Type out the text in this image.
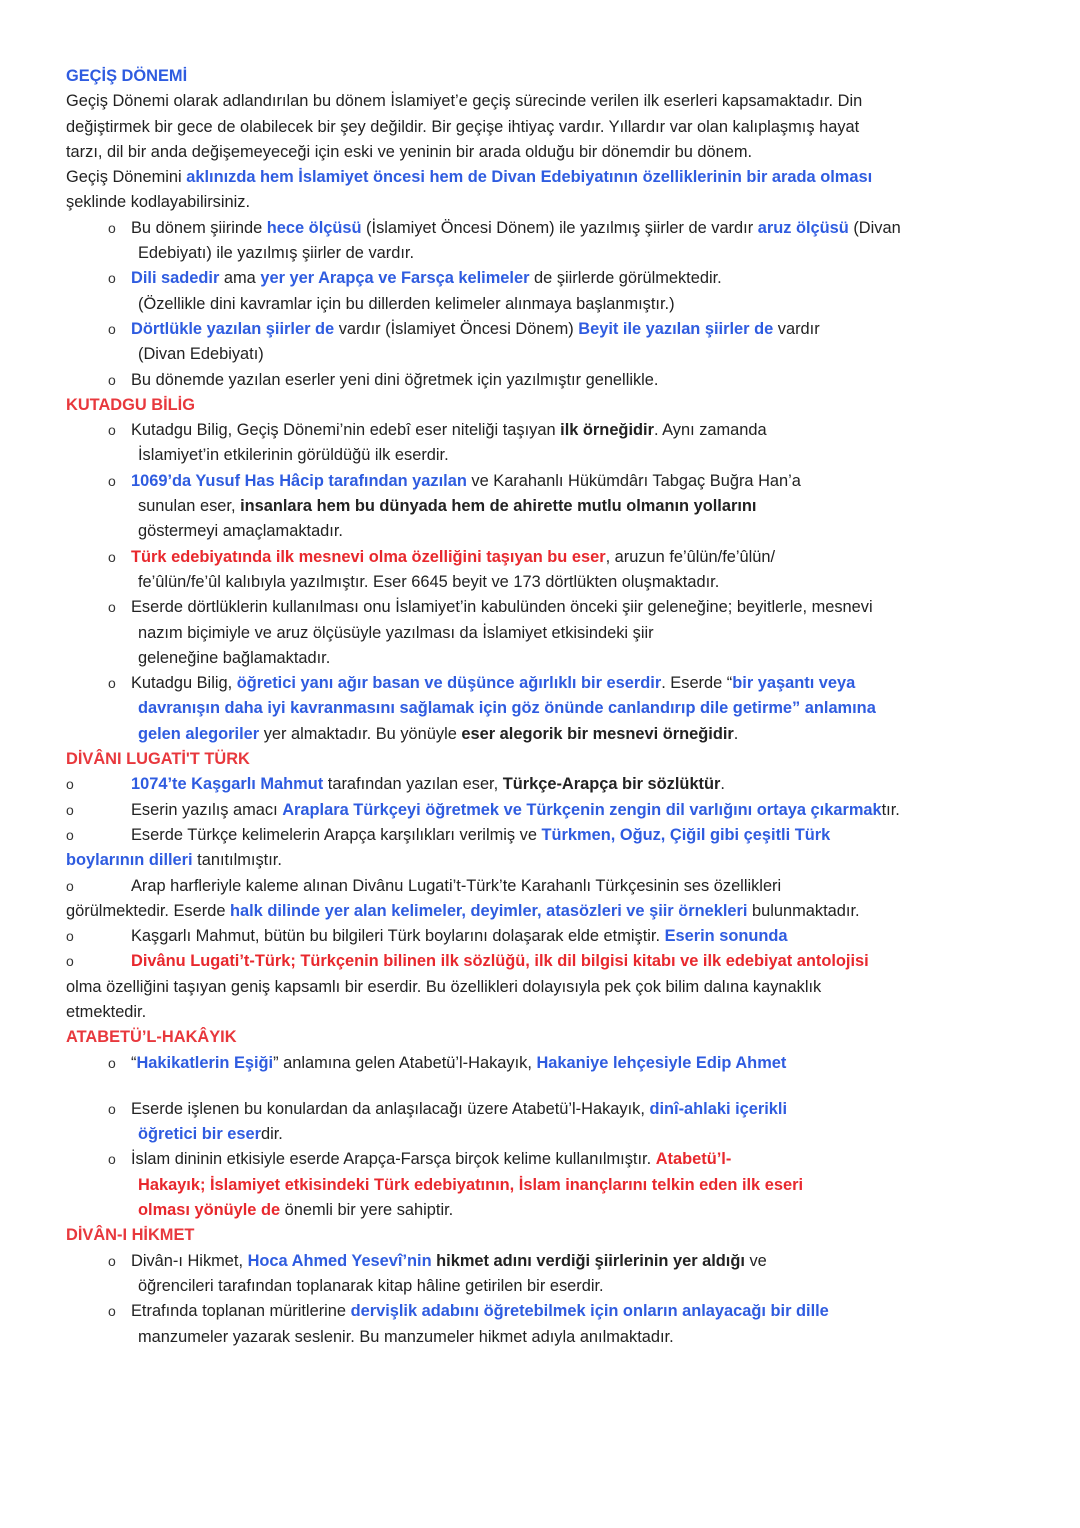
GEÇİŞ DÖNEMİ
Geçiş Dönemi olarak adlandırılan bu dönem İslamiyet’e geçiş sürecinde verilen ilk eserleri kapsamaktadır. Din
değiştirmek bir gece de olabilecek bir şey değildir. Bir geçişe ihtiyaç vardır. Yıllardır var olan kalıplaşmış hayat
tarzı, dil bir anda değişemeyeceği için eski ve yeninin bir arada olduğu bir dönemdir bu dönem.
Geçiş Dönemini aklınızda hem İslamiyet öncesi hem de Divan Edebiyatının özelliklerinin bir arada olması
şeklinde kodlayabilirsiniz.
o Bu dönem şiirinde hece ölçüsü (İslamiyet Öncesi Dönem) ile yazılmış şiirler de vardır aruz ölçüsü (Divan
Edebiyatı) ile yazılmış şiirler de vardır.
o Dili sadedir ama yer yer Arapça ve Farsça kelimeler de şiirlerde görülmektedir.
(Özellikle dini kavramlar için bu dillerden kelimeler alınmaya başlanmıştır.)
o Dörtlükle yazılan şiirler de vardır (İslamiyet Öncesi Dönem) Beyit ile yazılan şiirler de vardır
(Divan Edebiyatı)
o Bu dönemde yazılan eserler yeni dini öğretmek için yazılmıştır genellikle.
KUTADGU BİLİG
o Kutadgu Bilig, Geçiş Dönemi’nin edebî eser niteliği taşıyan ilk örneğidir. Aynı zamanda
İslamiyet’in etkilerinin görüldüğü ilk eserdir.
o 1069’da Yusuf Has Hâcip tarafından yazılan ve Karahanlı Hükümdârı Tabgaç Buğra Han’a
sunulan eser, insanlara hem bu dünyada hem de ahirette mutlu olmanın yollarını
göstermeyi amaçlamaktadır.
o Türk edebiyatında ilk mesnevi olma özelliğini taşıyan bu eser, aruzun fe’ûlün/fe’ûlün/
fe’ûlün/fe’ûl kalıbıyla yazılmıştır. Eser 6645 beyit ve 173 dörtlükten oluşmaktadır.
o Eserde dörtlüklerin kullanılması onu İslamiyet’in kabulünden önceki şiir geleneğine; beyitlerle, mesnevi
nazım biçimiyle ve aruz ölçüsüyle yazılması da İslamiyet etkisindeki şiir
geleneğine bağlamaktadır.
o Kutadgu Bilig, öğretici yanı ağır basan ve düşünce ağırlıklı bir eserdir. Eserde “bir yaşantı veya
davranışın daha iyi kavranmasını sağlamak için göz önünde canlandırıp dile getirme” anlamına
gelen alegoriler yer almaktadır. Bu yönüyle eser alegorik bir mesnevi örneğidir.
DİVÂNI LUGATİ'T TÜRK
o	1074’te Kaşgarlı Mahmut tarafından yazılan eser, Türkçe-Arapça bir sözlüktür.
o	Eserin yazılış amacı Araplara Türkçeyi öğretmek ve Türkçenin zengin dil varlığını ortaya çıkarmaktır.
o	Eserde Türkçe kelimelerin Arapça karşılıkları verilmiş ve Türkmen, Oğuz, Çiğil gibi çeşitli Türk
boylarının dilleri tanıtılmıştır.
o	Arap harfleriyle kaleme alınan Divânu Lugati’t-Türk’te Karahanlı Türkçesinin ses özellikleri
görülmektedir. Eserde halk dilinde yer alan kelimeler, deyimler, atasözleri ve şiir örnekleri bulunmaktadır.
o	Kaşgarlı Mahmut, bütün bu bilgileri Türk boylarını dolaşarak elde etmiştir. Eserin sonunda
o	Divânu Lugati’t-Türk; Türkçenin bilinen ilk sözlüğü, ilk dil bilgisi kitabı ve ilk edebiyat antolojisi
olma özelliğini taşıyan geniş kapsamlı bir eserdir. Bu özellikleri dolayısıyla pek çok bilim dalına kaynaklık
etmektedir.
ATABETÜ’L-HAKÂYIK
o “Hakikatlerin Eşiği” anlamına gelen Atabetü’l-Hakayık, Hakaniye lehçesiyle Edip Ahmet
o Eserde işlenen bu konulardan da anlaşılacağı üzere Atabetü’l-Hakayık, dinî-ahlaki içerikli
öğretici bir eserdir.
o İslam dininin etkisiyle eserde Arapça-Farsça birçok kelime kullanılmıştır. Atabetü’l-
Hakayık; İslamiyet etkisindeki Türk edebiyatının, İslam inançlarını telkin eden ilk eseri
olması yönüyle de önemli bir yere sahiptir.
DİVÂN-I HİKMET
o Divân-ı Hikmet, Hoca Ahmed Yesevî’nin hikmet adını verdiği şiirlerinin yer aldığı ve
öğrencileri tarafından toplanarak kitap hâline getirilen bir eserdir.
o Etrafında toplanan müritlerine dervişlik adabını öğretebilmek için onların anlayacağı bir dille
manzumeler yazarak seslenir. Bu manzumeler hikmet adıyla anılmaktadır.
